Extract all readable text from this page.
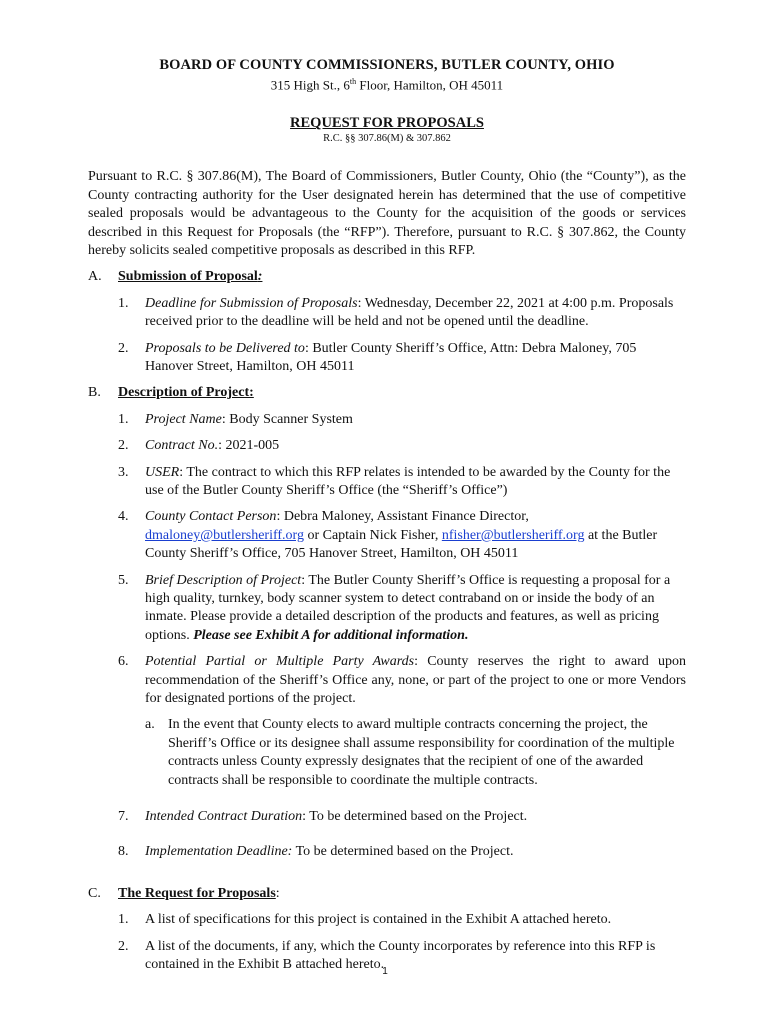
BOARD OF COUNTY COMMISSIONERS, BUTLER COUNTY, OHIO
315 High St., 6th Floor, Hamilton, OH 45011
REQUEST FOR PROPOSALS
R.C. §§ 307.86(M) & 307.862
Pursuant to R.C. § 307.86(M), The Board of Commissioners, Butler County, Ohio (the “County”), as the County contracting authority for the User designated herein has determined that the use of competitive sealed proposals would be advantageous to the County for the acquisition of the goods or services described in this Request for Proposals (the “RFP”). Therefore, pursuant to R.C. § 307.862, the County hereby solicits sealed competitive proposals as described in this RFP.
A.	Submission of Proposal:
1.	Deadline for Submission of Proposals: Wednesday, December 22, 2021 at 4:00 p.m. Proposals received prior to the deadline will be held and not be opened until the deadline.
2.	Proposals to be Delivered to: Butler County Sheriff’s Office, Attn: Debra Maloney, 705 Hanover Street, Hamilton, OH 45011
B.	Description of Project:
1.	Project Name: Body Scanner System
2.	Contract No.: 2021-005
3.	USER: The contract to which this RFP relates is intended to be awarded by the County for the use of the Butler County Sheriff’s Office (the “Sheriff’s Office”)
4.	County Contact Person: Debra Maloney, Assistant Finance Director, dmaloney@butlersheriff.org or Captain Nick Fisher, nfisher@butlersheriff.org at the Butler County Sheriff’s Office, 705 Hanover Street, Hamilton, OH 45011
5.	Brief Description of Project: The Butler County Sheriff’s Office is requesting a proposal for a high quality, turnkey, body scanner system to detect contraband on or inside the body of an inmate. Please provide a detailed description of the products and features, as well as pricing options. Please see Exhibit A for additional information.
6.	Potential Partial or Multiple Party Awards: County reserves the right to award upon recommendation of the Sheriff’s Office any, none, or part of the project to one or more Vendors for designated portions of the project.
a. In the event that County elects to award multiple contracts concerning the project, the Sheriff’s Office or its designee shall assume responsibility for coordination of the multiple contracts unless County expressly designates that the recipient of one of the awarded contracts shall be responsible to coordinate the multiple contracts.
7.	Intended Contract Duration: To be determined based on the Project.
8.	Implementation Deadline: To be determined based on the Project.
C.	The Request for Proposals:
1.	A list of specifications for this project is contained in the Exhibit A attached hereto.
2.	A list of the documents, if any, which the County incorporates by reference into this RFP is contained in the Exhibit B attached hereto.
1
